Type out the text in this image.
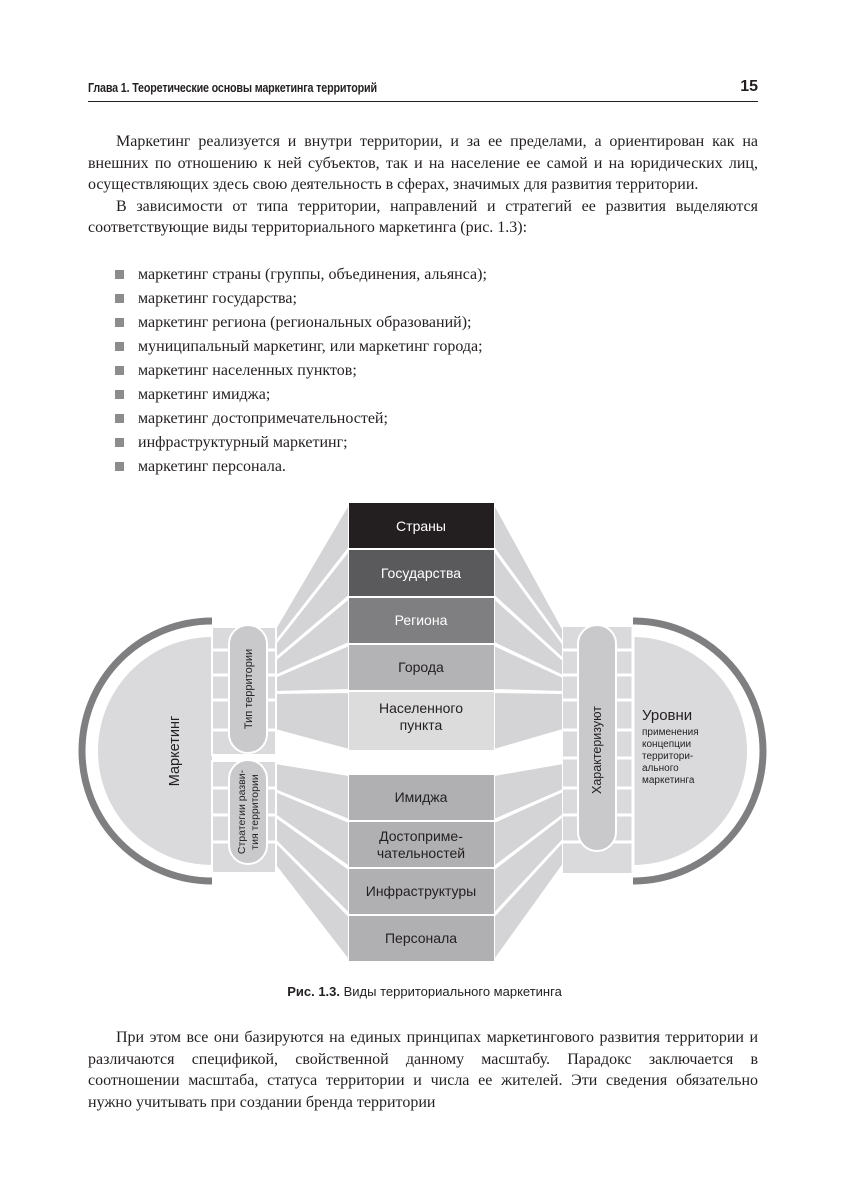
Глава 1. Теоретические основы маркетинга территорий	15

Маркетинг реализуется и внутри территории, и за ее пределами, а ориентирован как на внешних по отношению к ней субъектов, так и на население ее самой и на юридических лиц, осуществляющих здесь свою деятельность в сферах, значимых для развития территории.

В зависимости от типа территории, направлений и стратегий ее развития выделяются соответствующие виды территориального маркетинга (рис. 1.3):

маркетинг страны (группы, объединения, альянса);
маркетинг государства;
маркетинг региона (региональных образований);
муниципальный маркетинг, или маркетинг города;
маркетинг населенных пунктов;
маркетинг имиджа;
маркетинг достопримечательностей;
инфраструктурный маркетинг;
маркетинг персонала.
Маркетинг
Тип территории
Стратегии разви- тия территории
Характеризуют	Уровни
применения
концепции
территори-
ального
маркетинга
Страны
Государства
Региона
Города
Населенного
пункта
Имиджа
Достоприме-
чательностей
Инфраструктуры
Персонала
Рис. 1.3. Виды территориального маркетинга

При этом все они базируются на единых принципах маркетингового развития территории и различаются спецификой, свойственной данному масштабу. Парадокс заключается в соотношении масштаба, статуса территории и числа ее жителей. Эти сведения обязательно нужно учитывать при создании бренда территории
